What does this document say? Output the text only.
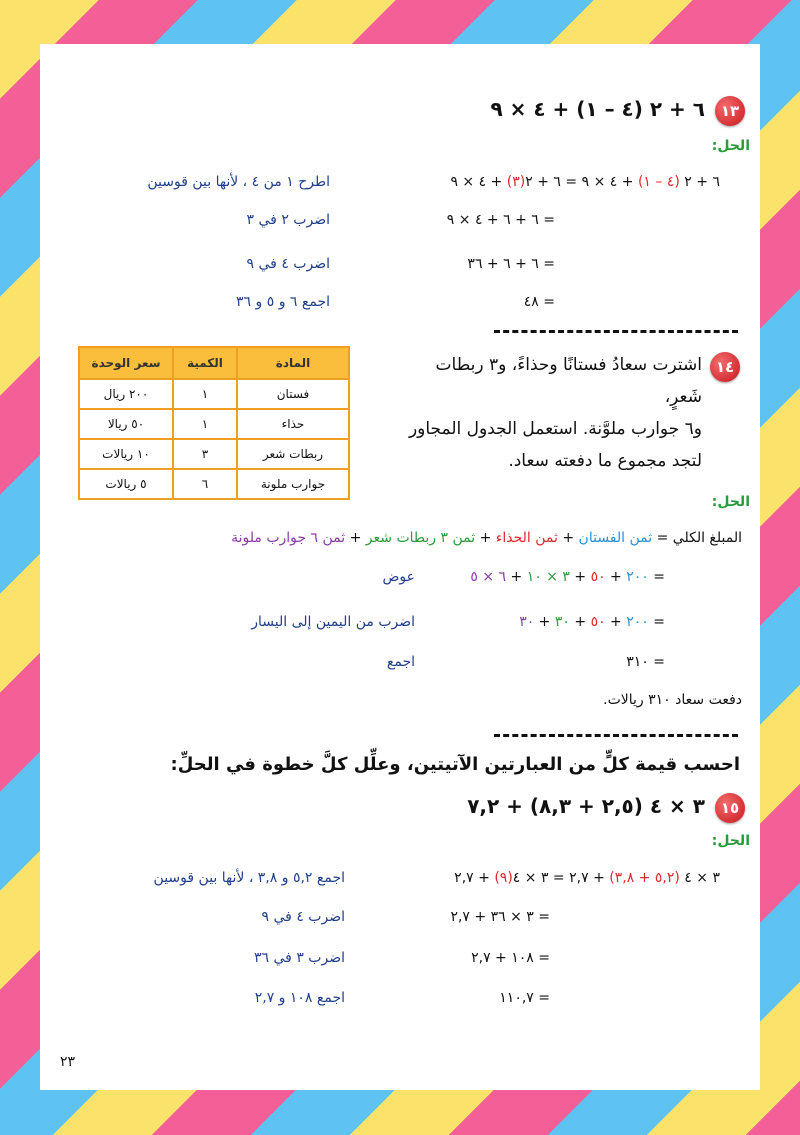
١٣
٦ + ٢ (٤ – ١) + ٤ × ٩
الحل:
٦ + ٢ (٤ – ١) + ٤ × ٩ = ٦ + ٢(٣) + ٤ × ٩
اطرح ١ من ٤ ، لأنها بين قوسين
= ٦ + ٦ + ٤ × ٩
اضرب ٢ في ٣
= ٦ + ٦ + ٣٦
اضرب ٤ في ٩
= ٤٨
اجمع ٦ و ٥ و ٣٦
١٤
اشترت سعادُ فستانًا وحذاءً، و٣ ربطات شَعرٍ،
و٦ جوارب ملوَّنة. استعمل الجدول المجاور
لتجد مجموع ما دفعته سعاد.
المادة	الكمية	سعر الوحدة
فستان	١	٢٠٠ ريال
حذاء	١	٥٠ ريالا
ربطات شعر	٣	١٠ ريالات
جوارب ملونة	٦	٥ ريالات
الحل:
المبلغ الكلي = ثمن الفستان + ثمن الحذاء + ثمن ٣ ربطات شعر + ثمن ٦ جوارب ملونة
= ٢٠٠ + ٥٠ + ٣ × ١٠ + ٦ × ٥
عوض
= ٢٠٠ + ٥٠ + ٣٠ + ٣٠
اضرب من اليمين إلى اليسار
= ٣١٠
اجمع
دفعت سعاد ٣١٠ ريالات.
احسب قيمة كلٍّ من العبارتين الآتيتين، وعلِّل كلَّ خطوة في الحلِّ:
١٥
٣ × ٤ (٢,٥ + ٨,٣) + ٧,٢
الحل:
٣ × ٤ (٥,٢ + ٣,٨) + ٢,٧ = ٣ × ٤(٩) + ٢,٧
اجمع ٥,٢ و ٣,٨ ، لأنها بين قوسين
= ٣ × ٣٦ + ٢,٧
اضرب ٤ في ٩
= ١٠٨ + ٢,٧
اضرب ٣ في ٣٦
= ١١٠,٧
اجمع ١٠٨ و ٢,٧
٢٣
